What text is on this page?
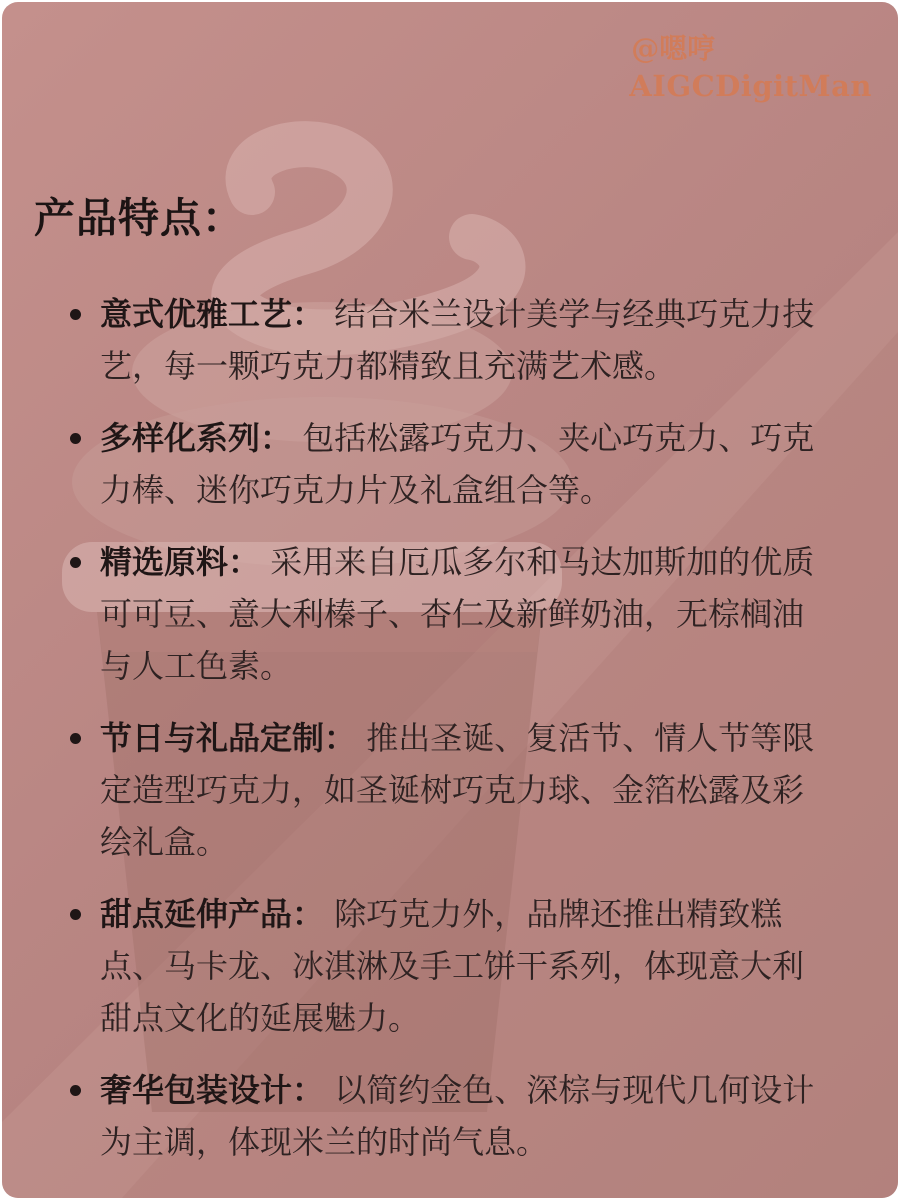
@嗯哼
AIGCDigitMan
产品特点：
意式优雅工艺： 结合米兰设计美学与经典巧克力技艺，每一颗巧克力都精致且充满艺术感。
多样化系列： 包括松露巧克力、夹心巧克力、巧克力棒、迷你巧克力片及礼盒组合等。
精选原料： 采用来自厄瓜多尔和马达加斯加的优质可可豆、意大利榛子、杏仁及新鲜奶油，无棕榈油与人工色素。
节日与礼品定制： 推出圣诞、复活节、情人节等限定造型巧克力，如圣诞树巧克力球、金箔松露及彩绘礼盒。
甜点延伸产品： 除巧克力外，品牌还推出精致糕点、马卡龙、冰淇淋及手工饼干系列，体现意大利甜点文化的延展魅力。
奢华包装设计： 以简约金色、深棕与现代几何设计为主调，体现米兰的时尚气息。
